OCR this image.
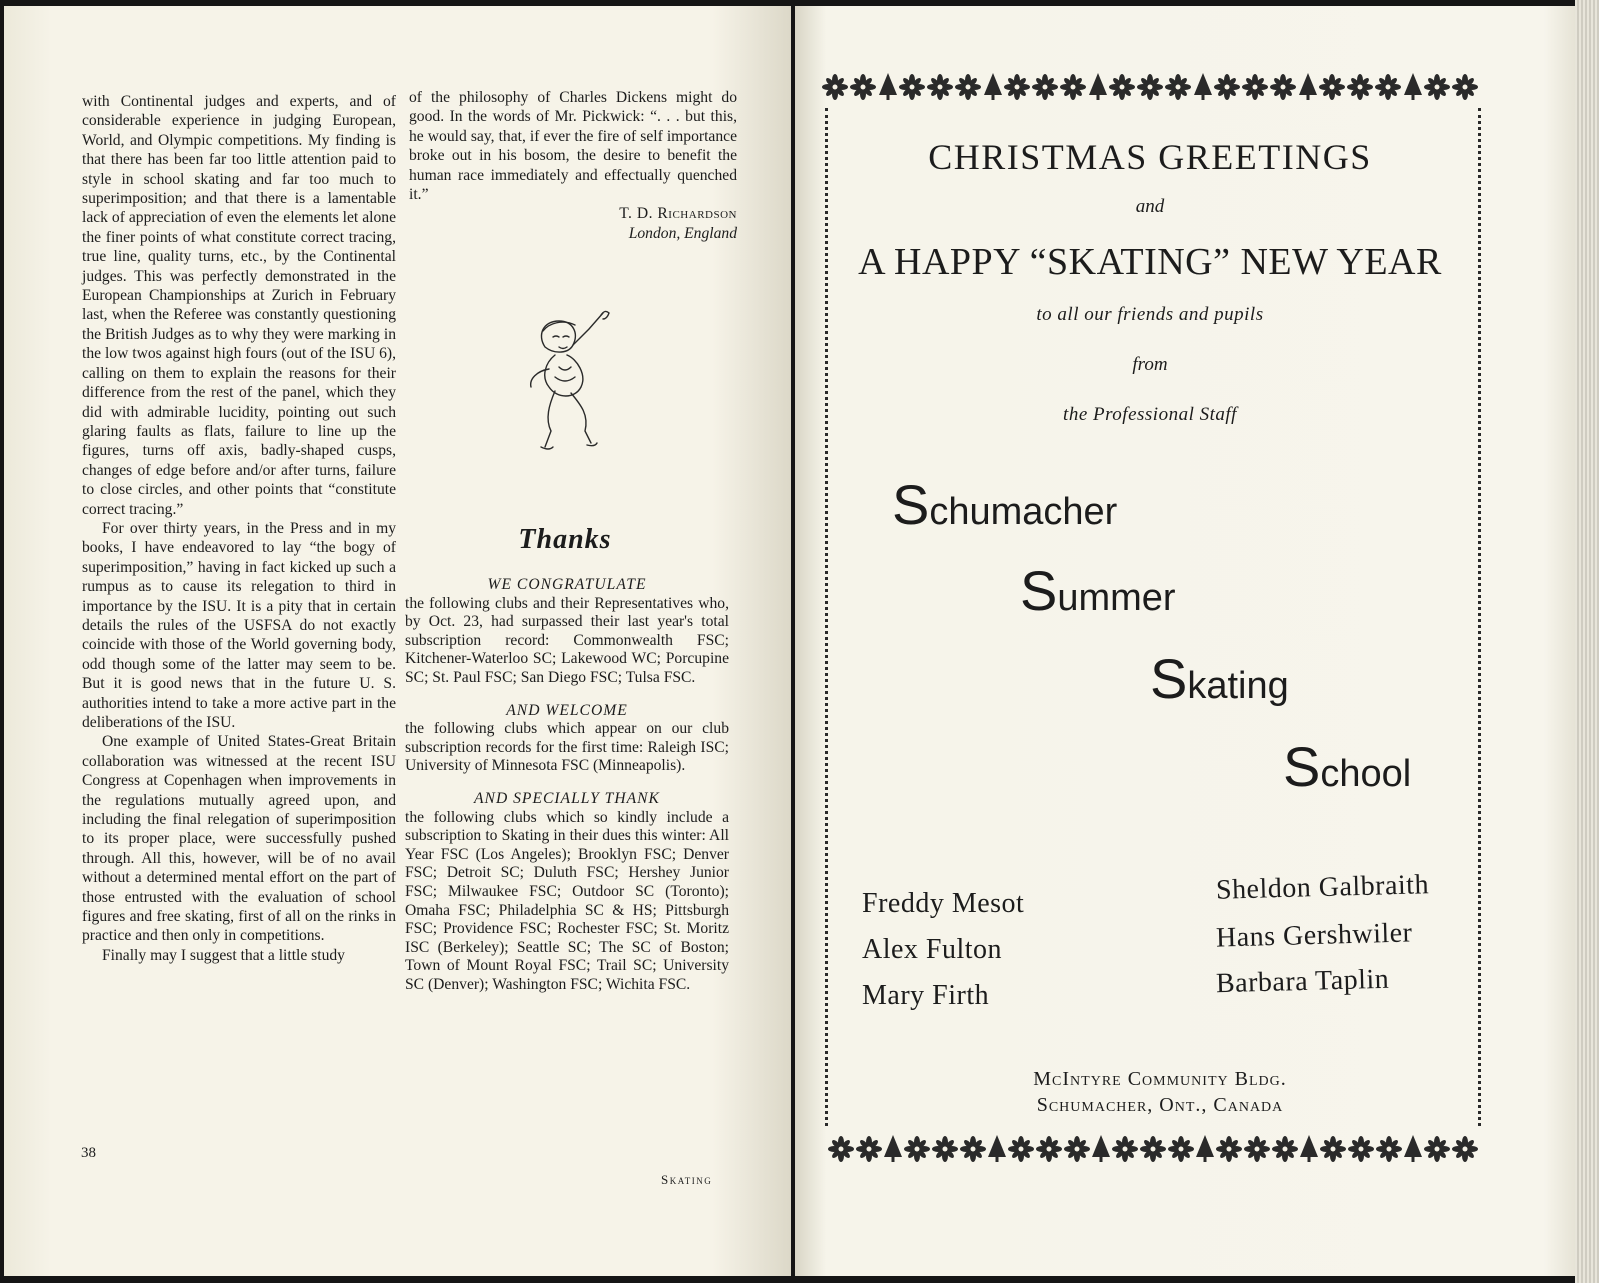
with Continental judges and experts, and of considerable experience in judging European, World, and Olympic competitions. My finding is that there has been far too little attention paid to style in school skating and far too much to superimposition; and that there is a lamentable lack of appreciation of even the elements let alone the finer points of what constitute correct tracing, true line, quality turns, etc., by the Continental judges. This was perfectly demonstrated in the European Championships at Zurich in February last, when the Referee was constantly questioning the British Judges as to why they were marking in the low twos against high fours (out of the ISU 6), calling on them to explain the reasons for their difference from the rest of the panel, which they did with admirable lucidity, pointing out such glaring faults as flats, failure to line up the figures, turns off axis, badly-shaped cusps, changes of edge before and/or after turns, failure to close circles, and other points that “constitute correct tracing.”

For over thirty years, in the Press and in my books, I have endeavored to lay “the bogy of superimposition,” having in fact kicked up such a rumpus as to cause its relegation to third in importance by the ISU. It is a pity that in certain details the rules of the USFSA do not exactly coincide with those of the World governing body, odd though some of the latter may seem to be. But it is good news that in the future U. S. authorities intend to take a more active part in the deliberations of the ISU.

One example of United States-Great Britain collaboration was witnessed at the recent ISU Congress at Copenhagen when improvements in the regulations mutually agreed upon, and including the final relegation of superimposition to its proper place, were successfully pushed through. All this, however, will be of no avail without a determined mental effort on the part of those entrusted with the evaluation of school figures and free skating, first of all on the rinks in practice and then only in competitions.

Finally may I suggest that a little study

of the philosophy of Charles Dickens might do good. In the words of Mr. Pickwick: “. . . but this, he would say, that, if ever the fire of self importance broke out in his bosom, the desire to benefit the human race immediately and effectually quenched it.”

T. D. Richardson

London, England

Thanks

WE CONGRATULATE

the following clubs and their Representatives who, by Oct. 23, had surpassed their last year's total subscription record: Commonwealth FSC; Kitchener-Waterloo SC; Lakewood WC; Porcupine SC; St. Paul FSC; San Diego FSC; Tulsa FSC.

AND WELCOME

the following clubs which appear on our club subscription records for the first time: Raleigh ISC; University of Minnesota FSC (Minneapolis).

AND SPECIALLY THANK

the following clubs which so kindly include a subscription to Skating in their dues this winter: All Year FSC (Los Angeles); Brooklyn FSC; Denver FSC; Detroit SC; Duluth FSC; Hershey Junior FSC; Milwaukee FSC; Outdoor SC (Toronto); Omaha FSC; Philadelphia SC & HS; Pittsburgh FSC; Providence FSC; Rochester FSC; St. Moritz ISC (Berkeley); Seattle SC; The SC of Boston; Town of Mount Royal FSC; Trail SC; University SC (Denver); Washington FSC; Wichita FSC.

38
Skating
CHRISTMAS GREETINGS
and
A HAPPY “SKATING” NEW YEAR
to all our friends and pupils
from
the Professional Staff
Schumacher
Summer
Skating
School
Freddy Mesot
Alex Fulton
Mary Firth
Sheldon Galbraith
Hans Gershwiler
Barbara Taplin
McIntyre Community Bldg.
Schumacher, Ont., Canada
